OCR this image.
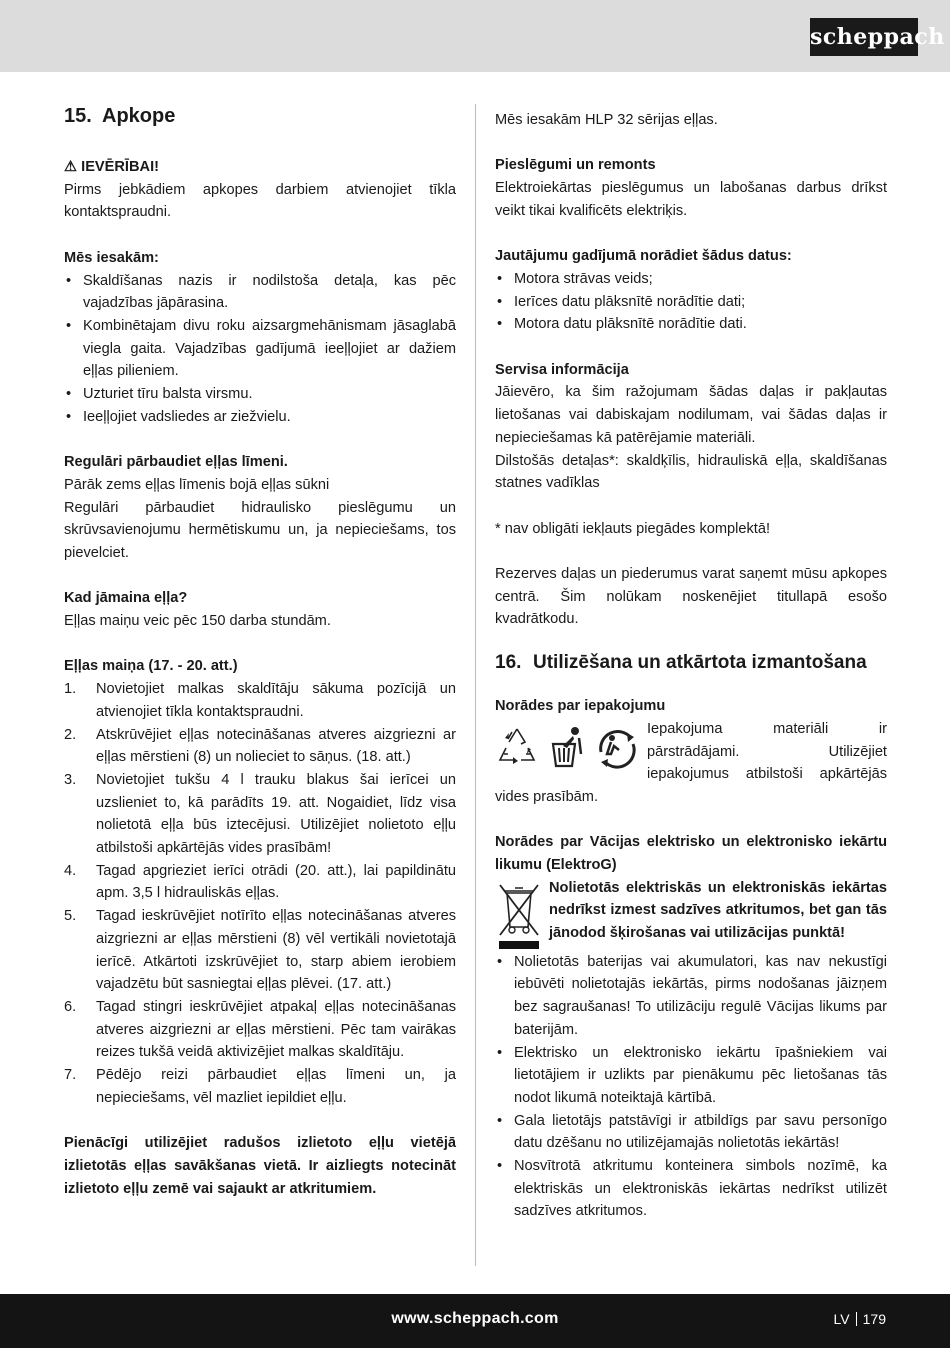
scheppach
15. Apkope

⚠ IEVĒRĪBAI!

Pirms jebkādiem apkopes darbiem atvienojiet tīkla kontaktspraudni.

Mēs iesakām:

• Skaldīšanas nazis ir nodilstoša detaļa, kas pēc vajadzības jāpārasina.
• Kombinētajam divu roku aizsargmehānismam jāsaglabā viegla gaita. Vajadzības gadījumā ieeļļojiet ar dažiem eļļas pilieniem.
• Uzturiet tīru balsta virsmu.
• Ieeļļojiet vadsliedes ar ziežvielu.

Regulāri pārbaudiet eļļas līmeni.

Pārāk zems eļļas līmenis bojā eļļas sūkni

Regulāri pārbaudiet hidraulisko pieslēgumu un skrūvsavienojumu hermētiskumu un, ja nepieciešams, tos pievelciet.

Kad jāmaina eļļa?

Eļļas maiņu veic pēc 150 darba stundām.

Eļļas maiņa (17. - 20. att.)

1.	Novietojiet malkas skaldītāju sākuma pozīcijā un atvienojiet tīkla kontaktspraudni.
2.	Atskrūvējiet eļļas notecināšanas atveres aizgriezni ar eļļas mērstieni (8) un nolieciet to sāņus. (18. att.)
3.	Novietojiet tukšu 4 l trauku blakus šai ierīcei un uzslieniet to, kā parādīts 19. att. Nogaidiet, līdz visa nolietotā eļļa būs iztecējusi. Utilizējiet nolietoto eļļu atbilstoši apkārtējās vides prasībām!
4.	Tagad apgrieziet ierīci otrādi (20. att.), lai papildinātu apm. 3,5 l hidrauliskās eļļas.
5.	Tagad ieskrūvējiet notīrīto eļļas notecināšanas atveres aizgriezni ar eļļas mērstieni (8) vēl vertikāli novietotajā ierīcē. Atkārtoti izskrūvējiet to, starp abiem ierobiem vajadzētu būt sasniegtai eļļas plēvei. (17. att.)
6.	Tagad stingri ieskrūvējiet atpakaļ eļļas notecināšanas atveres aizgriezni ar eļļas mērstieni. Pēc tam vairākas reizes tukšā veidā aktivizējiet malkas skaldītāju.
7.	Pēdējo reizi pārbaudiet eļļas līmeni un, ja nepieciešams, vēl mazliet iepildiet eļļu.

Pienācīgi utilizējiet radušos izlietoto eļļu vietējā izlietotās eļļas savākšanas vietā. Ir aizliegts notecināt izlietoto eļļu zemē vai sajaukt ar atkritumiem.

Mēs iesakām HLP 32 sērijas eļļas.

Pieslēgumi un remonts

Elektroiekārtas pieslēgumus un labošanas darbus drīkst veikt tikai kvalificēts elektriķis.

Jautājumu gadījumā norādiet šādus datus:

• Motora strāvas veids;
• Ierīces datu plāksnītē norādītie dati;
• Motora datu plāksnītē norādītie dati.

Servisa informācija

Jāievēro, ka šim ražojumam šādas daļas ir pakļautas lietošanas vai dabiskajam nodilumam, vai šādas daļas ir nepieciešamas kā patērējamie materiāli.

Dilstošās detaļas*: skaldķīlis, hidrauliskā eļļa, skaldīšanas statnes vadīklas

* nav obligāti iekļauts piegādes komplektā!

Rezerves daļas un piederumus varat saņemt mūsu apkopes centrā. Šim nolūkam noskenējiet titullapā esošo kvadrātkodu.

16. Utilizēšana un atkārtota izmantošana

Norādes par iepakojumu

Iepakojuma materiāli ir pārstrādājami. Utilizējiet iepakojumus atbilstoši apkārtējās vides prasībām.

Norādes par Vācijas elektrisko un elektronisko iekārtu likumu (ElektroG)

Nolietotās elektriskās un elektroniskās iekārtas nedrīkst izmest sadzīves atkritumos, bet gan tās jānodod šķirošanas vai utilizācijas punktā!

• Nolietotās baterijas vai akumulatori, kas nav nekustīgi iebūvēti nolietotajās iekārtās, pirms nodošanas jāizņem bez sagraušanas! To utilizāciju regulē Vācijas likums par baterijām.
• Elektrisko un elektronisko iekārtu īpašniekiem vai lietotājiem ir uzlikts par pienākumu pēc lietošanas tās nodot likumā noteiktajā kārtībā.
• Gala lietotājs patstāvīgi ir atbildīgs par savu personīgo datu dzēšanu no utilizējamajās nolietotās iekārtās!
• Nosvītrotā atkritumu konteinera simbols nozīmē, ka elektriskās un elektroniskās iekārtas nedrīkst utilizēt sadzīves atkritumos.
www.scheppach.com	LV 179
